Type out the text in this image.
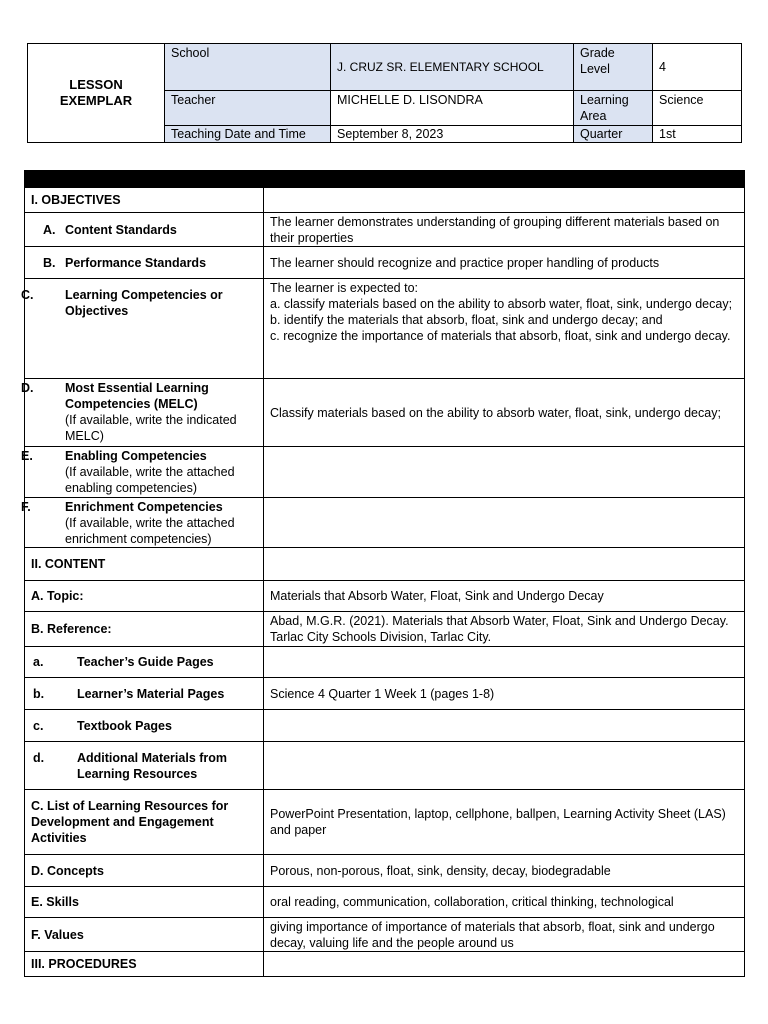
LESSON
EXEMPLAR	School	J. CRUZ SR. ELEMENTARY SCHOOL	Grade Level	4
	Teacher	MICHELLE D. LISONDRA	Learning Area	Science
	Teaching Date and Time	September 8, 2023	Quarter	1st

I. OBJECTIVES					

A. Content Standards	The learner demonstrates understanding of grouping different materials based on their properties				

B. Performance Standards	The learner should recognize and practice proper handling of products				

C. Learning Competencies or Objectives	The learner is expected to:
a. classify materials based on the ability to absorb water, float, sink, undergo decay;
b. identify the materials that absorb, float, sink and undergo decay; and
c. recognize the importance of materials that absorb, float, sink and undergo decay.				

D. Most Essential Learning Competencies (MELC)
(If available, write the indicated MELC)	Classify materials based on the ability to absorb water, float, sink, undergo decay;				

E. Enabling Competencies
(If available, write the attached enabling competencies)					

F. Enrichment Competencies
(If available, write the attached enrichment competencies)					

II. CONTENT					
A. Topic:	Materials that Absorb Water, Float, Sink and Undergo Decay				
B. Reference:	Abad, M.G.R. (2021). Materials that Absorb Water, Float, Sink and Undergo Decay. Tarlac City Schools Division, Tarlac City.				

a. Teacher’s Guide Pages					

b. Learner’s Material Pages	Science 4 Quarter 1 Week 1 (pages 1-8)				

c. Textbook Pages					

d. Additional Materials from Learning Resources					

C. List of Learning Resources for Development and Engagement Activities	PowerPoint Presentation, laptop, cellphone, ballpen, Learning Activity Sheet (LAS) and paper				
D. Concepts	Porous, non-porous, float, sink, density, decay, biodegradable				
E. Skills	oral reading, communication, collaboration, critical thinking, technological				
F. Values	giving importance of importance of materials that absorb, float, sink and undergo decay, valuing life and the people around us				
III. PROCEDURES					
